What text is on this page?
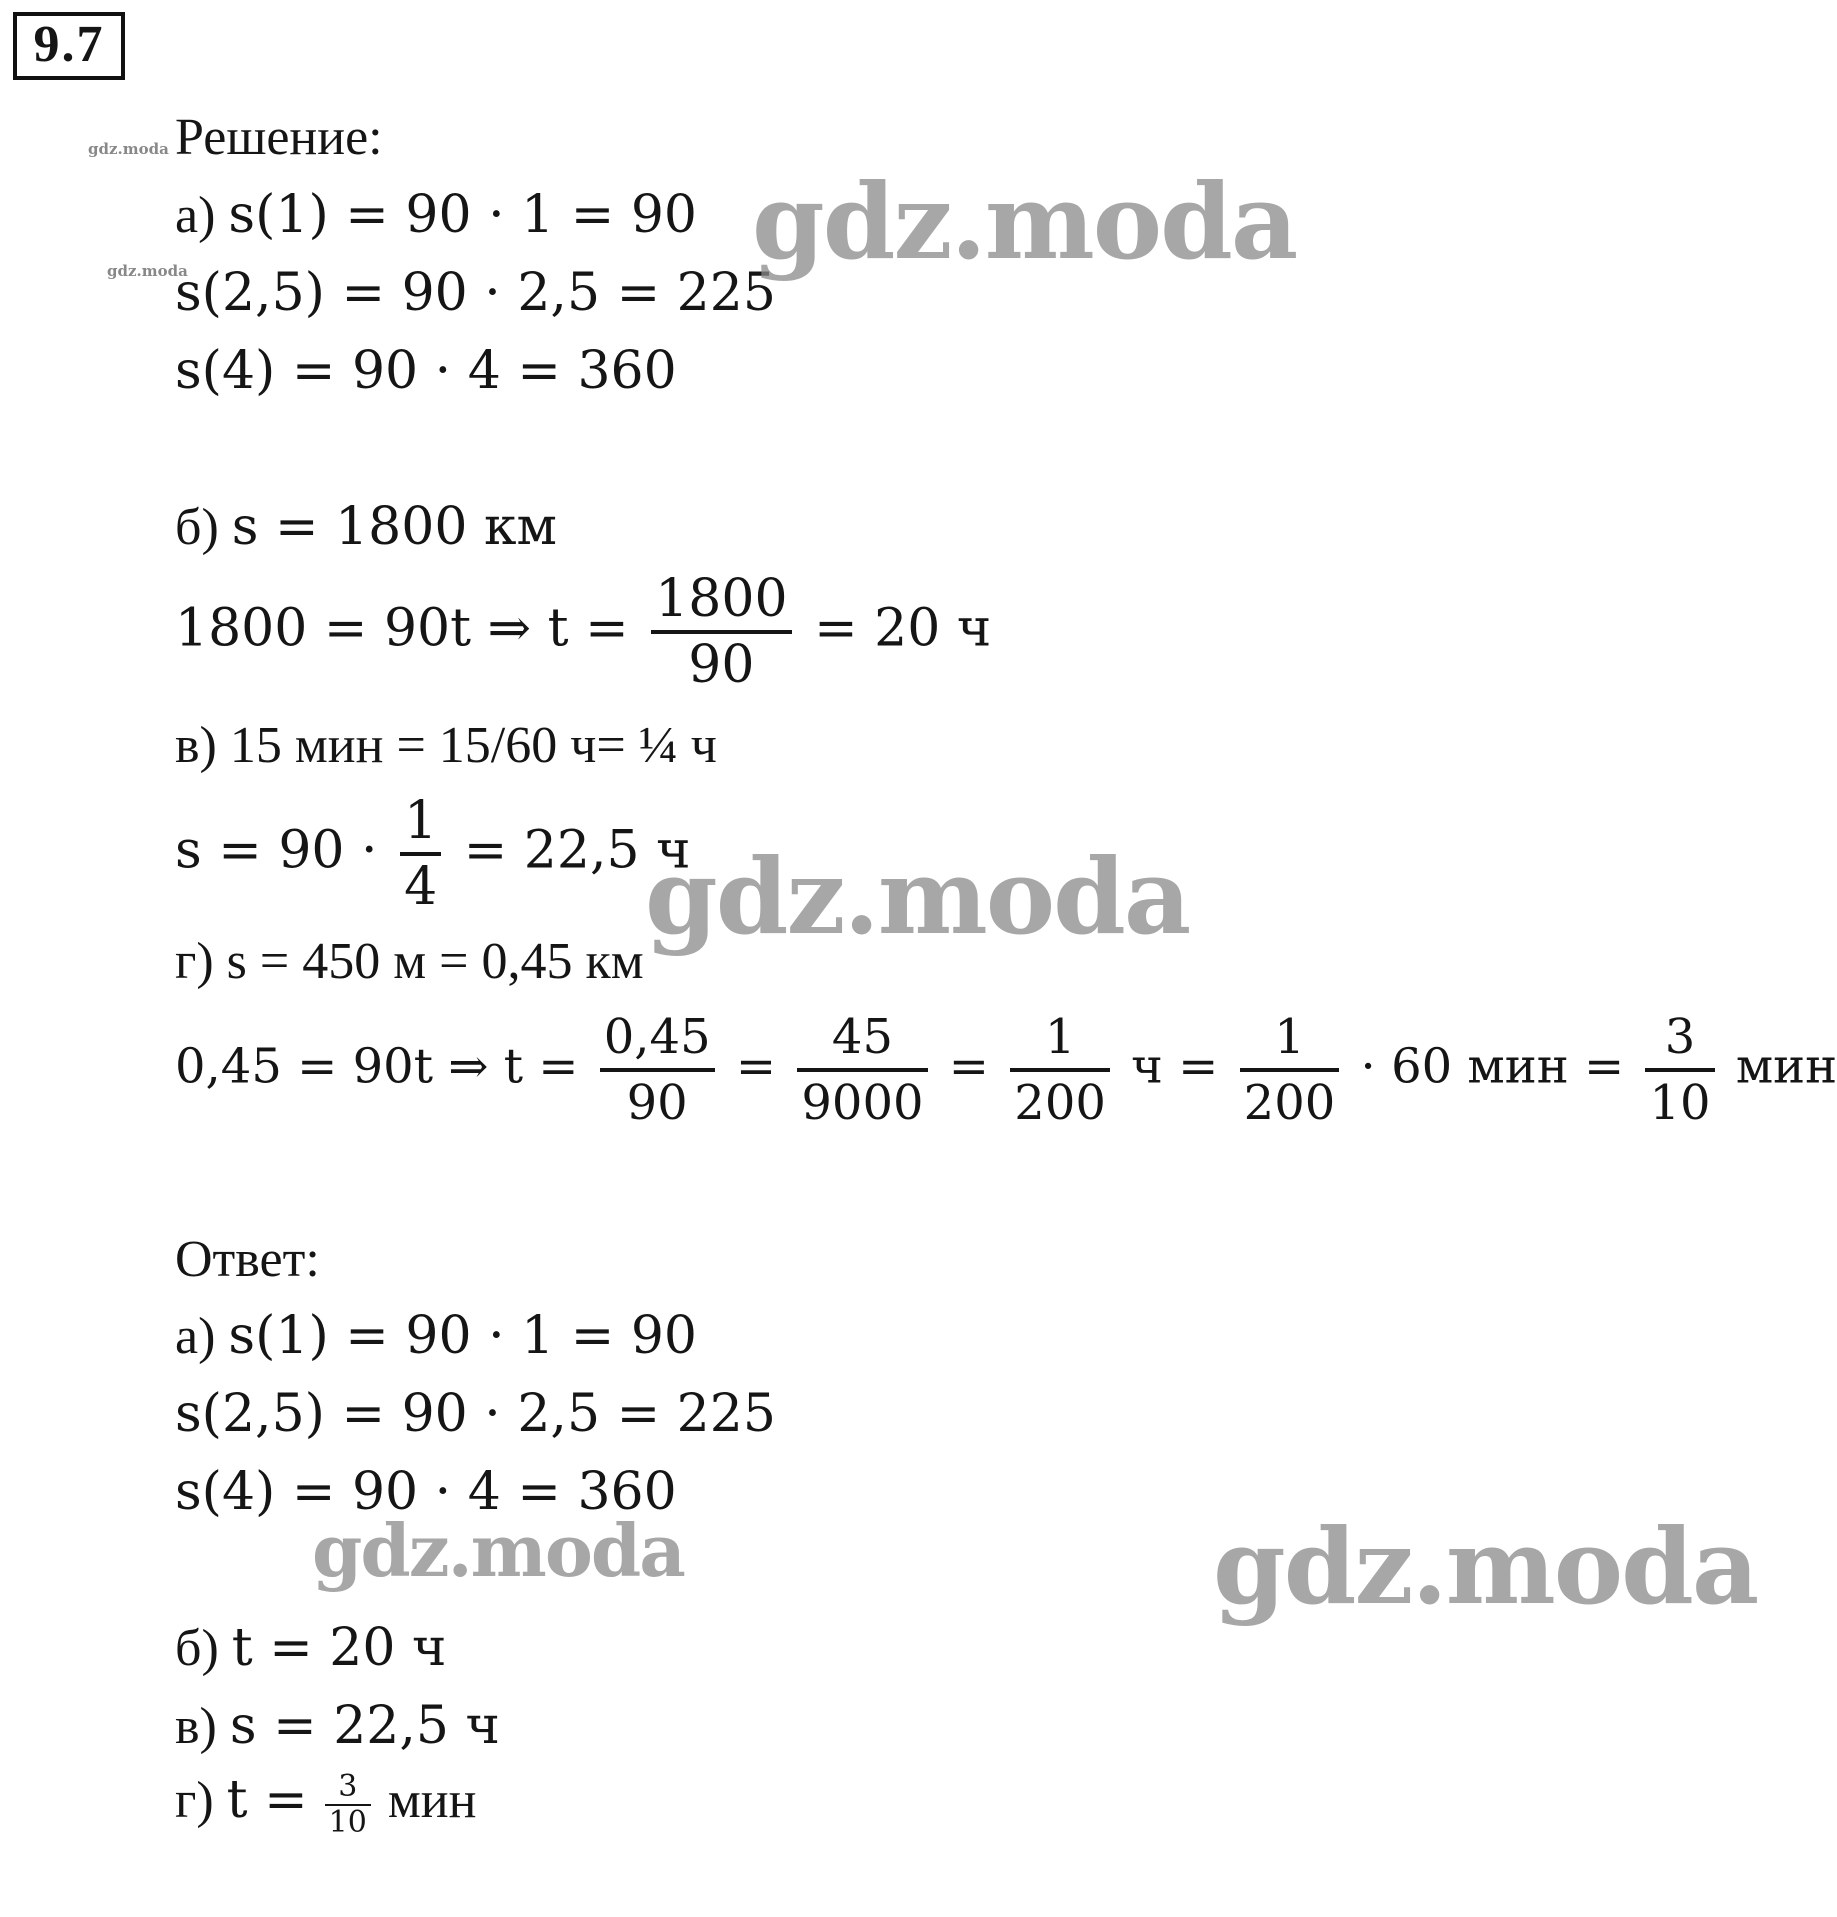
9.7
gdz.moda
gdz.moda
Решение:
а) s(1) = 90 · 1 = 90
s(2,5) = 90 · 2,5 = 225
s(4) = 90 · 4 = 360
б) s = 1800 км
1800 = 90t ⇒ $t = \frac{1800}{90} = 20$ ч
в) 15 мин = 15/60 ч= ¼ ч
$s = 90 \cdot \frac{1}{4} = 22,5$ ч
г) s = 450 м = 0,45 км
0,45 = 90t ⇒ $t = \frac{0,45}{90} = \frac{45}{9000} = \frac{1}{200}$ $ч = \frac{1}{200} \cdot 60$ мин = $\frac{3}{10}$ мин
Ответ:
а) s(1) = 90 · 1 = 90
s(2,5) = 90 · 2,5 = 225
s(4) = 90 · 4 = 360
б) t = 20 ч
в) s = 22,5 ч
г) $t = \frac{3}{10}$ мин
gdz.moda
gdz.moda
gdz.moda	gdz.moda
